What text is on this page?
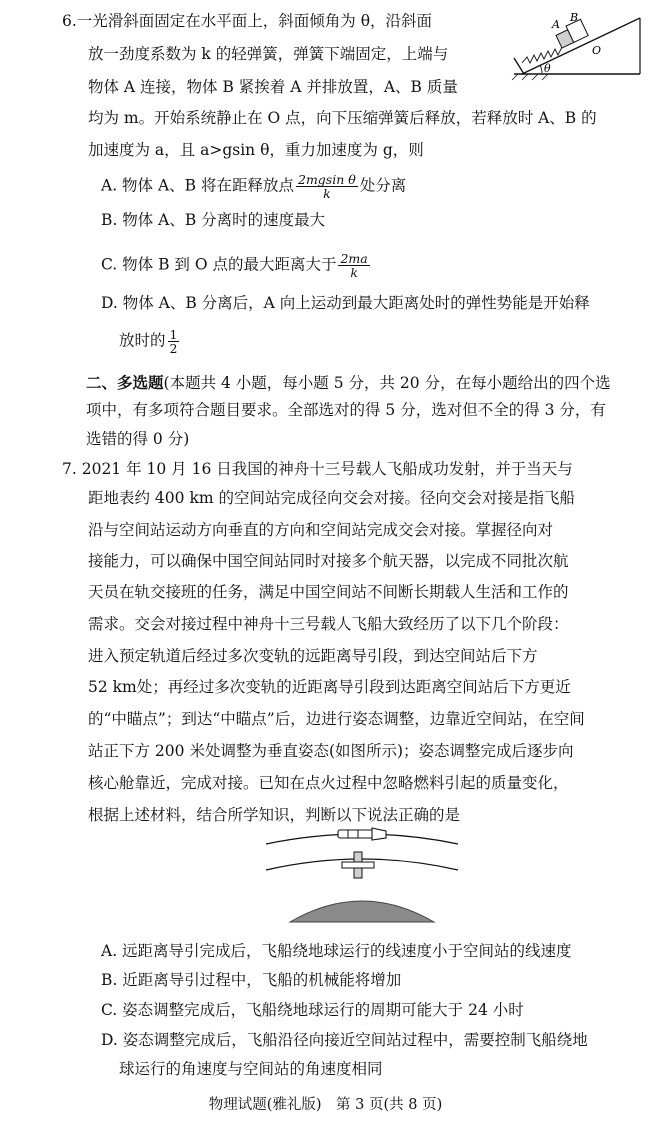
6.一光滑斜面固定在水平面上，斜面倾角为 θ，沿斜面
放一劲度系数为 k 的轻弹簧，弹簧下端固定，上端与
物体 A 连接，物体 B 紧挨着 A 并排放置，A、B 质量
均为 m。开始系统静止在 O 点，向下压缩弹簧后释放，若释放时 A、B 的
加速度为 a，且 a>gsin θ，重力加速度为 g，则
θ
A
B
O
A. 物体 A、B 将在距释放点 $\frac{\text{2mgsin θ}}{k}$ 处分离
B. 物体 A、B 分离时的速度最大
C. 物体 B 到 O 点的最大距离大于 $\frac{2ma}{k}$
D. 物体 A、B 分离后，A 向上运动到最大距离处时的弹性势能是开始释
放时的 $\frac{1}{2}$
二、多选题(本题共 4 小题，每小题 5 分，共 20 分，在每小题给出的四个选
项中，有多项符合题目要求。全部选对的得 5 分，选对但不全的得 3 分，有
选错的得 0 分)
7. 2021 年 10 月 16 日我国的神舟十三号载人飞船成功发射，并于当天与
距地表约 400 km 的空间站完成径向交会对接。径向交会对接是指飞船
沿与空间站运动方向垂直的方向和空间站完成交会对接。掌握径向对
接能力，可以确保中国空间站同时对接多个航天器，以完成不同批次航
天员在轨交接班的任务，满足中国空间站不间断长期载人生活和工作的
需求。交会对接过程中神舟十三号载人飞船大致经历了以下几个阶段：
进入预定轨道后经过多次变轨的远距离导引段，到达空间站后下方
52 km处；再经过多次变轨的近距离导引段到达距离空间站后下方更近
的“中瞄点”；到达“中瞄点”后，边进行姿态调整，边靠近空间站，在空间
站正下方 200 米处调整为垂直姿态(如图所示)；姿态调整完成后逐步向
核心舱靠近，完成对接。已知在点火过程中忽略燃料引起的质量变化，
根据上述材料，结合所学知识，判断以下说法正确的是
A. 远距离导引完成后，飞船绕地球运行的线速度小于空间站的线速度
B. 近距离导引过程中，飞船的机械能将增加
C. 姿态调整完成后，飞船绕地球运行的周期可能大于 24 小时
D. 姿态调整完成后，飞船沿径向接近空间站过程中，需要控制飞船绕地
球运行的角速度与空间站的角速度相同
物理试题(雅礼版)　第 3 页(共 8 页)
